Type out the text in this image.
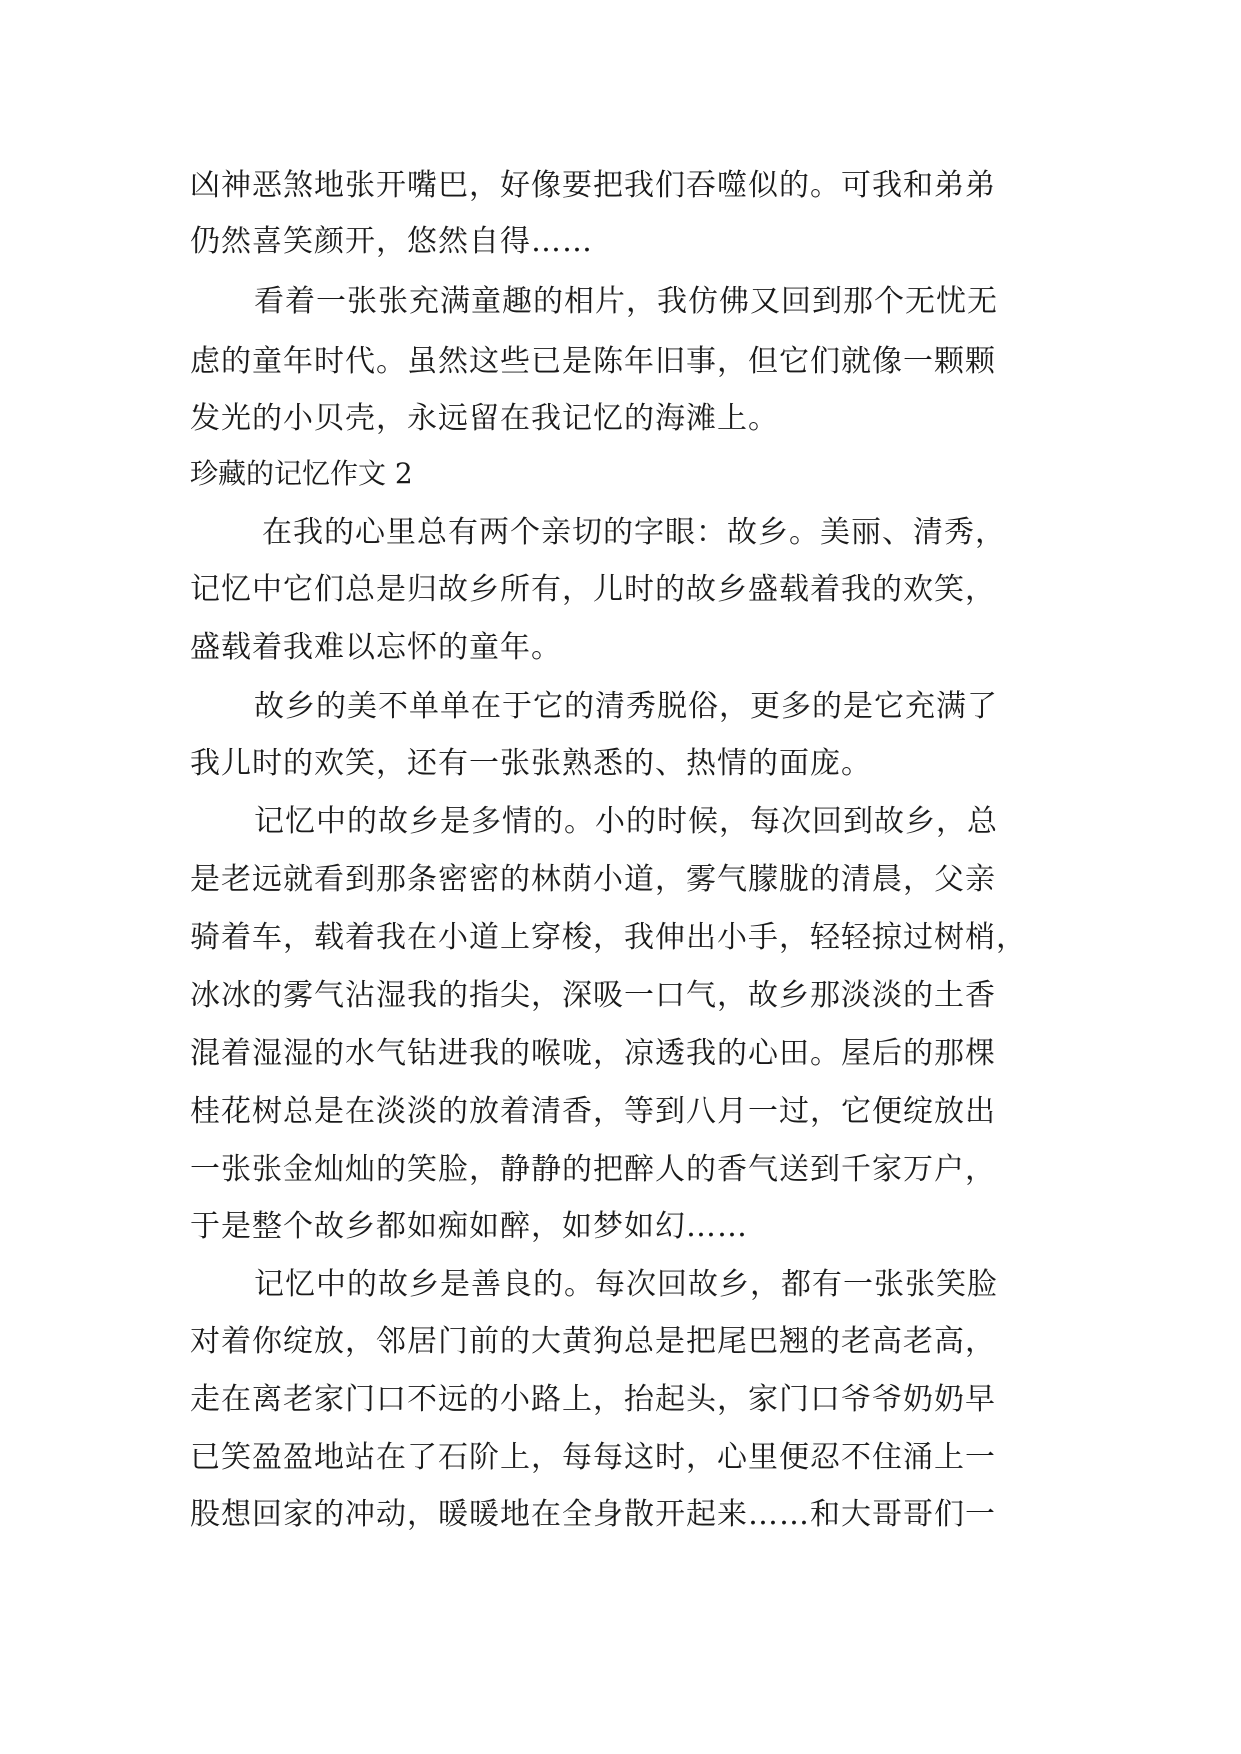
凶神恶煞地张开嘴巴，好像要把我们吞噬似的。可我和弟弟
仍然喜笑颜开，悠然自得……
看着一张张充满童趣的相片，我仿佛又回到那个无忧无
虑的童年时代。虽然这些已是陈年旧事，但它们就像一颗颗
发光的小贝壳，永远留在我记忆的海滩上。
珍藏的记忆作文 2
在我的心里总有两个亲切的字眼：故乡。美丽、清秀，
记忆中它们总是归故乡所有，儿时的故乡盛载着我的欢笑，
盛载着我难以忘怀的童年。
故乡的美不单单在于它的清秀脱俗，更多的是它充满了
我儿时的欢笑，还有一张张熟悉的、热情的面庞。
记忆中的故乡是多情的。小的时候，每次回到故乡，总
是老远就看到那条密密的林荫小道，雾气朦胧的清晨，父亲
骑着车，载着我在小道上穿梭，我伸出小手，轻轻掠过树梢，
冰冰的雾气沾湿我的指尖，深吸一口气，故乡那淡淡的土香
混着湿湿的水气钻进我的喉咙，凉透我的心田。屋后的那棵
桂花树总是在淡淡的放着清香，等到八月一过，它便绽放出
一张张金灿灿的笑脸，静静的把醉人的香气送到千家万户，
于是整个故乡都如痴如醉，如梦如幻……
记忆中的故乡是善良的。每次回故乡，都有一张张笑脸
对着你绽放，邻居门前的大黄狗总是把尾巴翘的老高老高，
走在离老家门口不远的小路上，抬起头，家门口爷爷奶奶早
已笑盈盈地站在了石阶上，每每这时，心里便忍不住涌上一
股想回家的冲动，暖暖地在全身散开起来……和大哥哥们一
